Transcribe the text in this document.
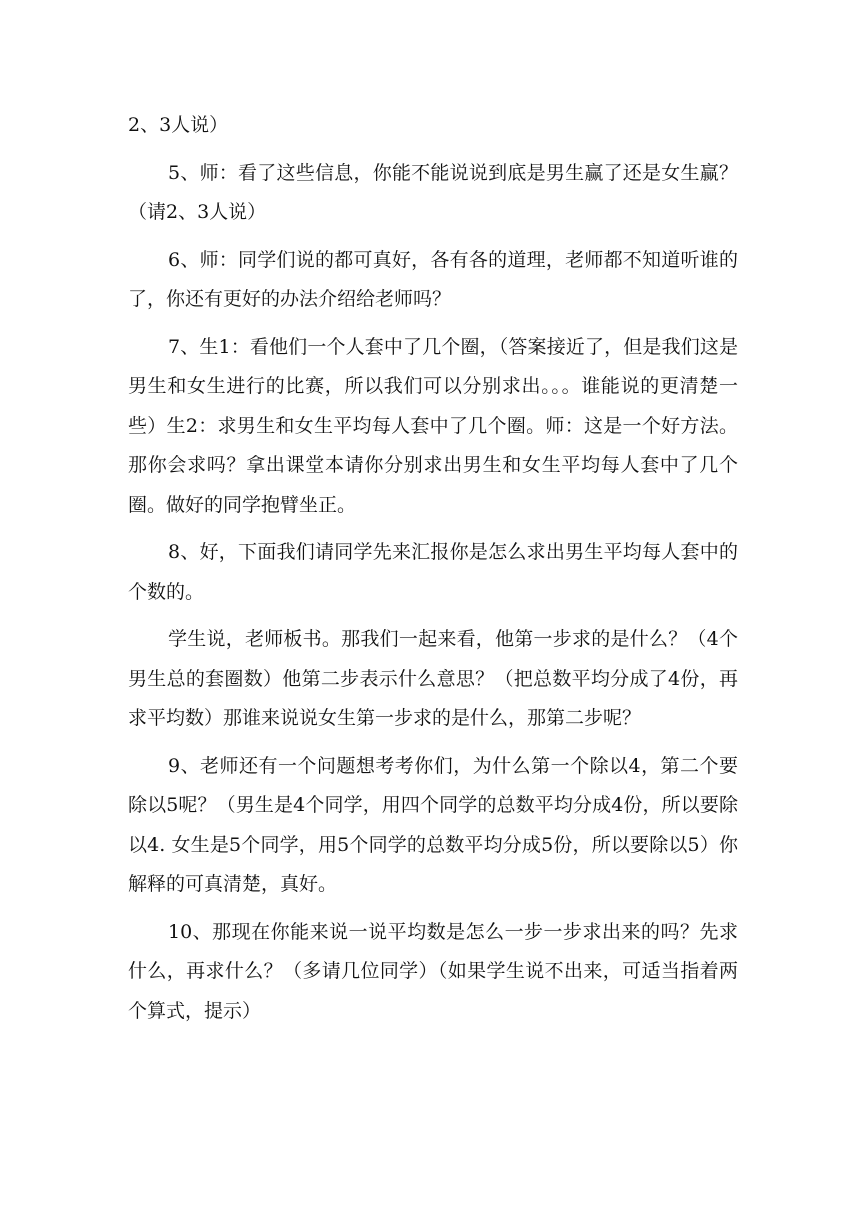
2、3人说）

5、师：看了这些信息，你能不能说说到底是男生赢了还是女生赢？（请2、3人说）

6、师：同学们说的都可真好，各有各的道理，老师都不知道听谁的了，你还有更好的办法介绍给老师吗？

7、生1：看他们一个人套中了几个圈，（答案接近了，但是我们这是男生和女生进行的比赛，所以我们可以分别求出。。。谁能说的更清楚一些）生2：求男生和女生平均每人套中了几个圈。师：这是一个好方法。那你会求吗？拿出课堂本请你分别求出男生和女生平均每人套中了几个圈。做好的同学抱臂坐正。

8、好，下面我们请同学先来汇报你是怎么求出男生平均每人套中的个数的。

学生说，老师板书。那我们一起来看，他第一步求的是什么？（4个男生总的套圈数）他第二步表示什么意思？（把总数平均分成了4份，再求平均数）那谁来说说女生第一步求的是什么，那第二步呢？

9、老师还有一个问题想考考你们，为什么第一个除以4，第二个要除以5呢？（男生是4个同学，用四个同学的总数平均分成4份，所以要除以4. 女生是5个同学，用5个同学的总数平均分成5份，所以要除以5）你解释的可真清楚，真好。

10、那现在你能来说一说平均数是怎么一步一步求出来的吗？先求什么，再求什么？（多请几位同学）（如果学生说不出来，可适当指着两个算式，提示）
